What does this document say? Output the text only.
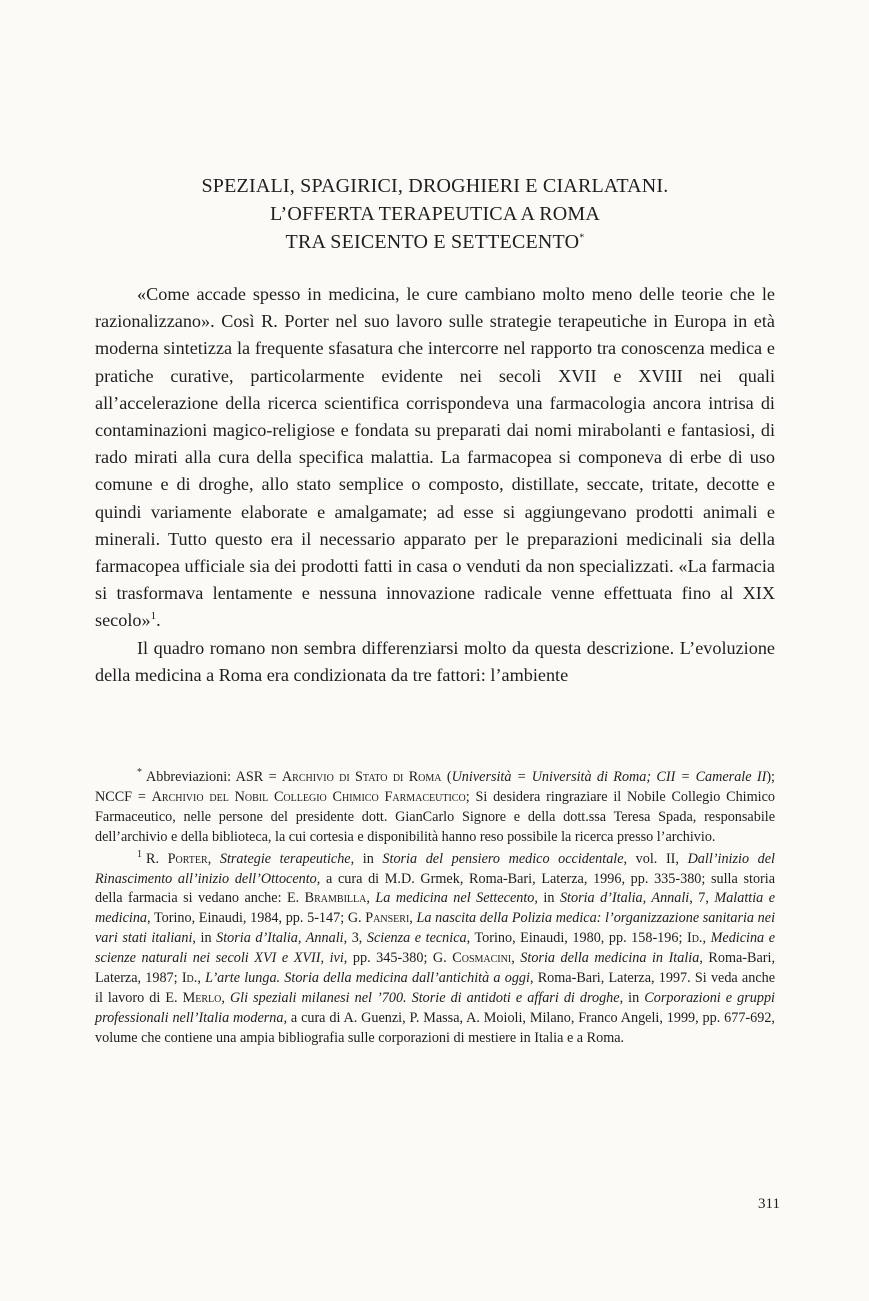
SPEZIALI, SPAGIRICI, DROGHIERI E CIARLATANI.
L’OFFERTA TERAPEUTICA A ROMA
TRA SEICENTO E SETTECENTO*

«Come accade spesso in medicina, le cure cambiano molto meno delle teorie che le razionalizzano». Così R. Porter nel suo lavoro sulle strategie terapeutiche in Europa in età moderna sintetizza la frequente sfasatura che intercorre nel rapporto tra conoscenza medica e pratiche curative, particolarmente evidente nei secoli XVII e XVIII nei quali all’accelerazione della ricerca scientifica corrispondeva una farmacologia ancora intrisa di contaminazioni magico-religiose e fondata su preparati dai nomi mirabolanti e fantasiosi, di rado mirati alla cura della specifica malattia. La farmacopea si componeva di erbe di uso comune e di droghe, allo stato semplice o composto, distillate, seccate, tritate, decotte e quindi variamente elaborate e amalgamate; ad esse si aggiungevano prodotti animali e minerali. Tutto questo era il necessario apparato per le preparazioni medicinali sia della farmacopea ufficiale sia dei prodotti fatti in casa o venduti da non specializzati. «La farmacia si trasformava lentamente e nessuna innovazione radicale venne effettuata fino al XIX secolo»$^1$.

Il quadro romano non sembra differenziarsi molto da questa descrizione. L’evoluzione della medicina a Roma era condizionata da tre fattori: l’ambiente

* Abbreviazioni: ASR = Archivio di Stato di Roma (Università = Università di Roma; CII = Camerale II); NCCF = Archivio del Nobil Collegio Chimico Farmaceutico; Si desidera ringraziare il Nobile Collegio Chimico Farmaceutico, nelle persone del presidente dott. GianCarlo Signore e della dott.ssa Teresa Spada, responsabile dell’archivio e della biblioteca, la cui cortesia e disponibilità hanno reso possibile la ricerca presso l’archivio.

$^1$ R. Porter, Strategie terapeutiche, in Storia del pensiero medico occidentale, vol. II, Dall’inizio del Rinascimento all’inizio dell’Ottocento, a cura di M.D. Grmek, Roma-Bari, Laterza, 1996, pp. 335-380; sulla storia della farmacia si vedano anche: E. Brambilla, La medicina nel Settecento, in Storia d’Italia, Annali, 7, Malattia e medicina, Torino, Einaudi, 1984, pp. 5-147; G. Panseri, La nascita della Polizia medica: l’organizzazione sanitaria nei vari stati italiani, in Storia d’Italia, Annali, 3, Scienza e tecnica, Torino, Einaudi, 1980, pp. 158-196; Id., Medicina e scienze naturali nei secoli XVI e XVII, ivi, pp. 345-380; G. Cosmacini, Storia della medicina in Italia, Roma-Bari, Laterza, 1987; Id., L’arte lunga. Storia della medicina dall’antichità a oggi, Roma-Bari, Laterza, 1997. Si veda anche il lavoro di E. Merlo, Gli speziali milanesi nel ’700. Storie di antidoti e affari di droghe, in Corporazioni e gruppi professionali nell’Italia moderna, a cura di A. Guenzi, P. Massa, A. Moioli, Milano, Franco Angeli, 1999, pp. 677-692, volume che contiene una ampia bibliografia sulle corporazioni di mestiere in Italia e a Roma.

311
